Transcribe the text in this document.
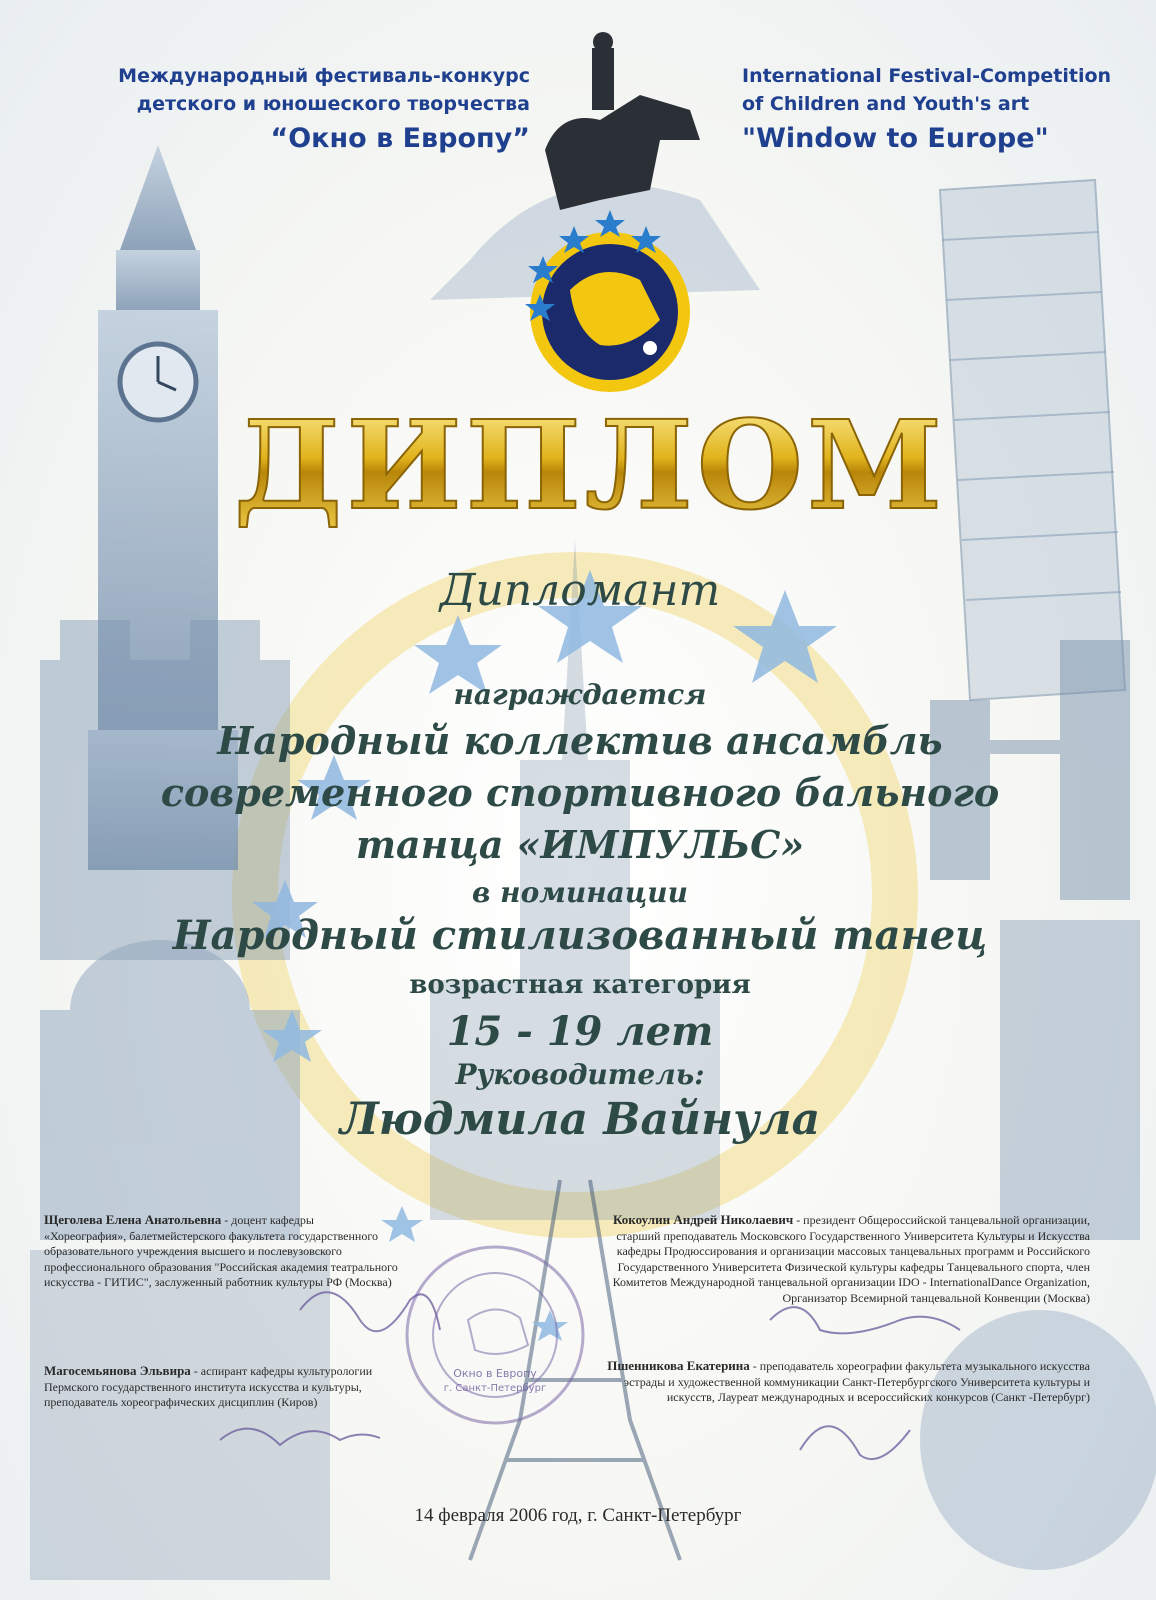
Международный фестиваль-конкурс
детского и юношеского творчества
“Окно в Европу”
International Festival-Competition
of Children and Youth's art
"Window to Europe"
ДИПЛОМ
Дипломант
награждается
Народный коллектив ансамбль
современного спортивного бального
танца «ИМПУЛЬС»
в номинации
Народный стилизованный танец
возрастная категория
15 - 19 лет
Руководитель:
Людмила Вайнула
Щеголева Елена Анатольевна - доцент кафедры
«Хореография», балетмейстерского факультета государственного
образовательного учреждения высшего и послевузовского
профессионального образования "Российская академия театрального
искусства - ГИТИС", заслуженный работник культуры РФ (Москва)
Кокоулин Андрей Николаевич - президент Общероссийской танцевальной организации,
старший преподаватель Московского Государственного Университета Культуры и Искусства
кафедры Продюссирования и организации массовых танцевальных программ и Российского
Государственного Университета Физической культуры кафедры Танцевального спорта, член
Комитетов Международной танцевальной организации IDO - InternationalDance Organization,
Организатор Всемирной танцевальной Конвенции (Москва)
Магосемьянова Эльвира - аспирант кафедры культурологии
Пермского государственного института искусства и культуры,
преподаватель хореографических дисциплин (Киров)
Пшенникова Екатерина - преподаватель хореографии факультета музыкального искусства
эстрады и художественной коммуникации Санкт-Петербургского Университета культуры и
искусств, Лауреат международных и всероссийских конкурсов (Санкт -Петербург)
Окно в Европу
г. Санкт-Петербург
14 февраля 2006 год, г. Санкт-Петербург
